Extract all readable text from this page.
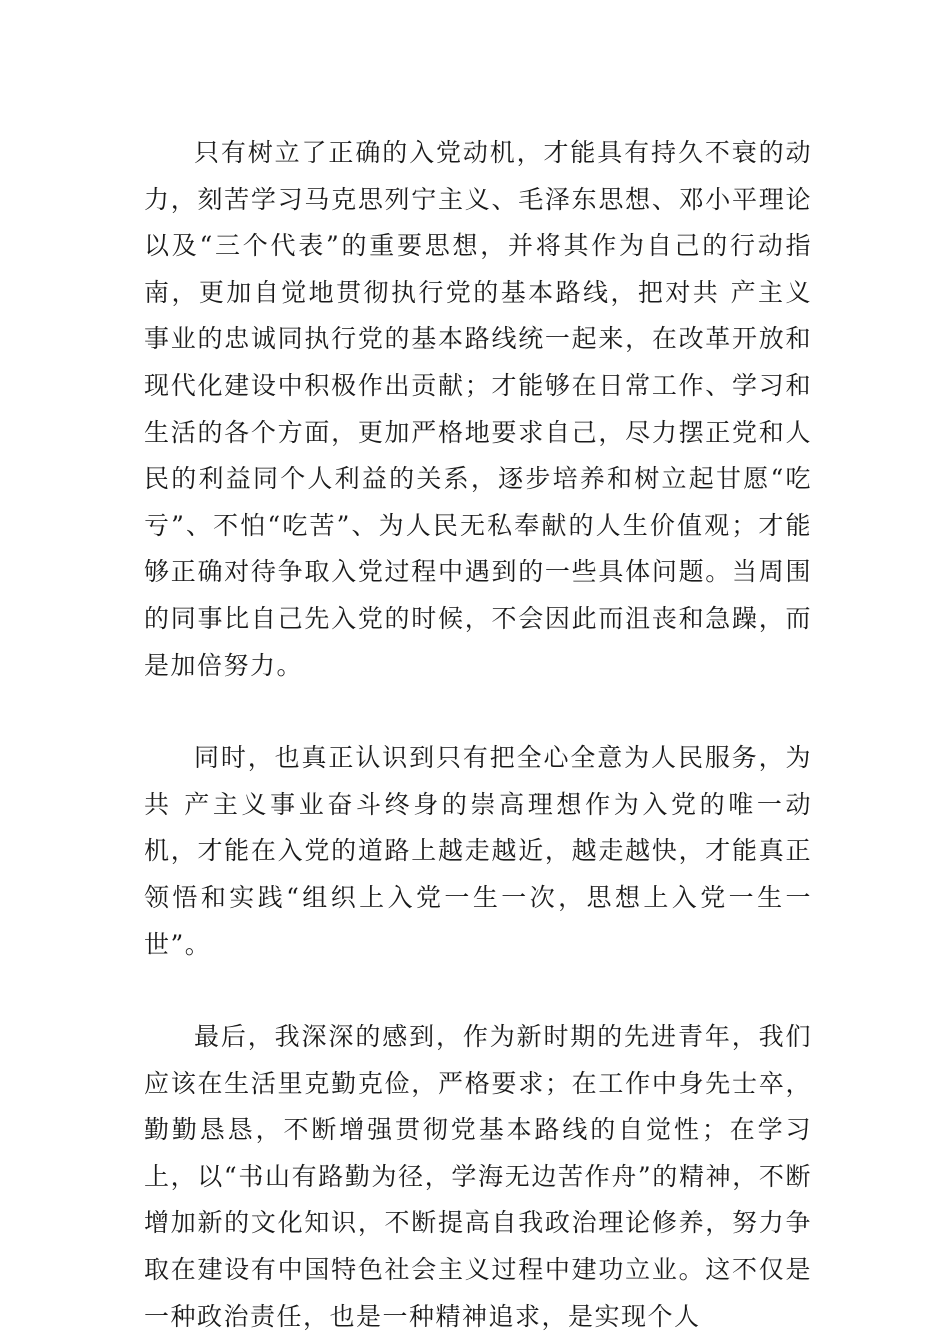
只有树立了正确的入党动机，才能具有持久不衰的动力，刻苦学习马克思列宁主义、毛泽东思想、邓小平理论以及“三个代表”的重要思想，并将其作为自己的行动指南，更加自觉地贯彻执行党的基本路线，把对共 产主义事业的忠诚同执行党的基本路线统一起来，在改革开放和现代化建设中积极作出贡献；才能够在日常工作、学习和生活的各个方面，更加严格地要求自己，尽力摆正党和人民的利益同个人利益的关系，逐步培养和树立起甘愿“吃亏”、不怕“吃苦”、为人民无私奉献的人生价值观；才能够正确对待争取入党过程中遇到的一些具体问题。当周围的同事比自己先入党的时候，不会因此而沮丧和急躁，而是加倍努力。

同时，也真正认识到只有把全心全意为人民服务，为共 产主义事业奋斗终身的崇高理想作为入党的唯一动机，才能在入党的道路上越走越近，越走越快，才能真正领悟和实践“组织上入党一生一次，思想上入党一生一世”。

最后，我深深的感到，作为新时期的先进青年，我们应该在生活里克勤克俭，严格要求；在工作中身先士卒，勤勤恳恳，不断增强贯彻党基本路线的自觉性；在学习上，以“书山有路勤为径，学海无边苦作舟”的精神，不断增加新的文化知识，不断提高自我政治理论修养，努力争取在建设有中国特色社会主义过程中建功立业。这不仅是一种政治责任，也是一种精神追求，是实现个人
